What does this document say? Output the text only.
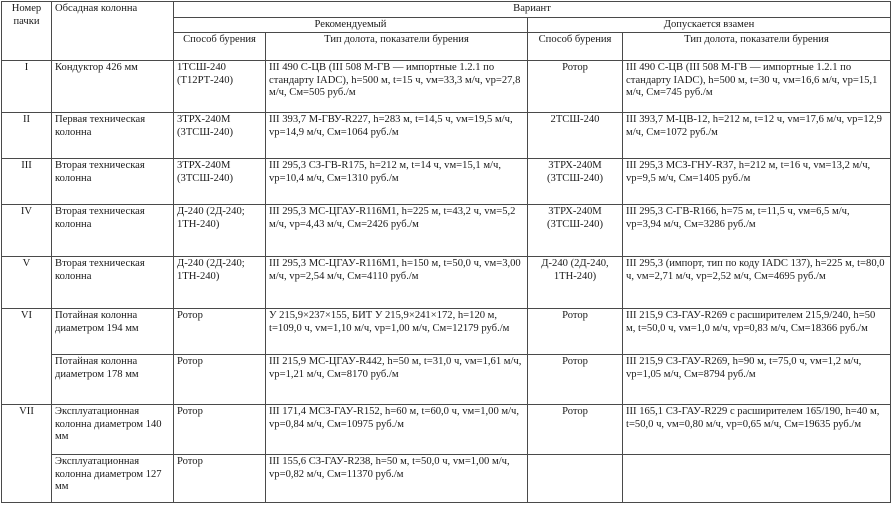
Номер пачки	Обсадная колонна	Вариант			
		Рекомендуемый		Допускается взамен	
		Способ бурения	Тип долота, показатели бурения	Способ бурения	Тип долота, показатели бурения
I	Кондуктор 426 мм	1ТСШ-240 (Т12РТ-240)	III 490 С-ЦВ (III 508 М-ГВ — импортные 1.2.1 по стандарту IADC), h=500 м, t=15 ч, vм=33,3 м/ч, vр=27,8 м/ч, См=505 руб./м	Ротор	III 490 С-ЦВ (III 508 М-ГВ — импортные 1.2.1 по стандарту IADC), h=500 м, t=30 ч, vм=16,6 м/ч, vр=15,1 м/ч, См=745 руб./м
II	Первая техническая колонна	3ТРХ-240М (3ТСШ-240)	III 393,7 М-ГВУ-R227, h=283 м, t=14,5 ч, vм=19,5 м/ч, vр=14,9 м/ч, См=1064 руб./м	2ТСШ-240	III 393,7 М-ЦВ-12, h=212 м, t=12 ч, vм=17,6 м/ч, vр=12,9 м/ч, См=1072 руб./м
III	Вторая техническая колонна	3ТРХ-240М (3ТСШ-240)	III 295,3 СЗ-ГВ-R175, h=212 м, t=14 ч, vм=15,1 м/ч, vр=10,4 м/ч, См=1310 руб./м	3ТРХ-240М (3ТСШ-240)	III 295,3 МСЗ-ГНУ-R37, h=212 м, t=16 ч, vм=13,2 м/ч, vр=9,5 м/ч, См=1405 руб./м
IV	Вторая техническая колонна	Д-240 (2Д-240; 1ТН-240)	III 295,3 МС-ЦГАУ-R116М1, h=225 м, t=43,2 ч, vм=5,2 м/ч, vр=4,43 м/ч, См=2426 руб./м	3ТРХ-240М (3ТСШ-240)	III 295,3 С-ГВ-R166, h=75 м, t=11,5 ч, vм=6,5 м/ч, vр=3,94 м/ч, См=3286 руб./м
V	Вторая техническая колонна	Д-240 (2Д-240; 1ТН-240)	III 295,3 МС-ЦГАУ-R116М1, h=150 м, t=50,0 ч, vм=3,00 м/ч, vр=2,54 м/ч, См=4110 руб./м	Д-240 (2Д-240, 1ТН-240)	III 295,3 (импорт, тип по коду IADC 137), h=225 м, t=80,0 ч, vм=2,71 м/ч, vр=2,52 м/ч, См=4695 руб./м
VI	Потайная колонна диаметром 194 мм	Ротор	У 215,9×237×155, БИТ У 215,9×241×172, h=120 м, t=109,0 ч, vм=1,10 м/ч, vр=1,00 м/ч, См=12179 руб./м	Ротор	III 215,9 СЗ-ГАУ-R269 с расширителем 215,9/240, h=50 м, t=50,0 ч, vм=1,0 м/ч, vр=0,83 м/ч, См=18366 руб./м
	Потайная колонна диаметром 178 мм	Ротор	III 215,9 МС-ЦГАУ-R442, h=50 м, t=31,0 ч, vм=1,61 м/ч, vр=1,21 м/ч, См=8170 руб./м	Ротор	III 215,9 СЗ-ГАУ-R269, h=90 м, t=75,0 ч, vм=1,2 м/ч, vр=1,05 м/ч, См=8794 руб./м
VII	Эксплуатационная колонна диаметром 140 мм	Ротор	III 171,4 МСЗ-ГАУ-R152, h=60 м, t=60,0 ч, vм=1,00 м/ч, vр=0,84 м/ч, См=10975 руб./м	Ротор	III 165,1 СЗ-ГАУ-R229 с расширителем 165/190, h=40 м, t=50,0 ч, vм=0,80 м/ч, vр=0,65 м/ч, См=19635 руб./м
	Эксплуатационная колонна диаметром 127 мм	Ротор	III 155,6 СЗ-ГАУ-R238, h=50 м, t=50,0 ч, vм=1,00 м/ч, vр=0,82 м/ч, См=11370 руб./м		
